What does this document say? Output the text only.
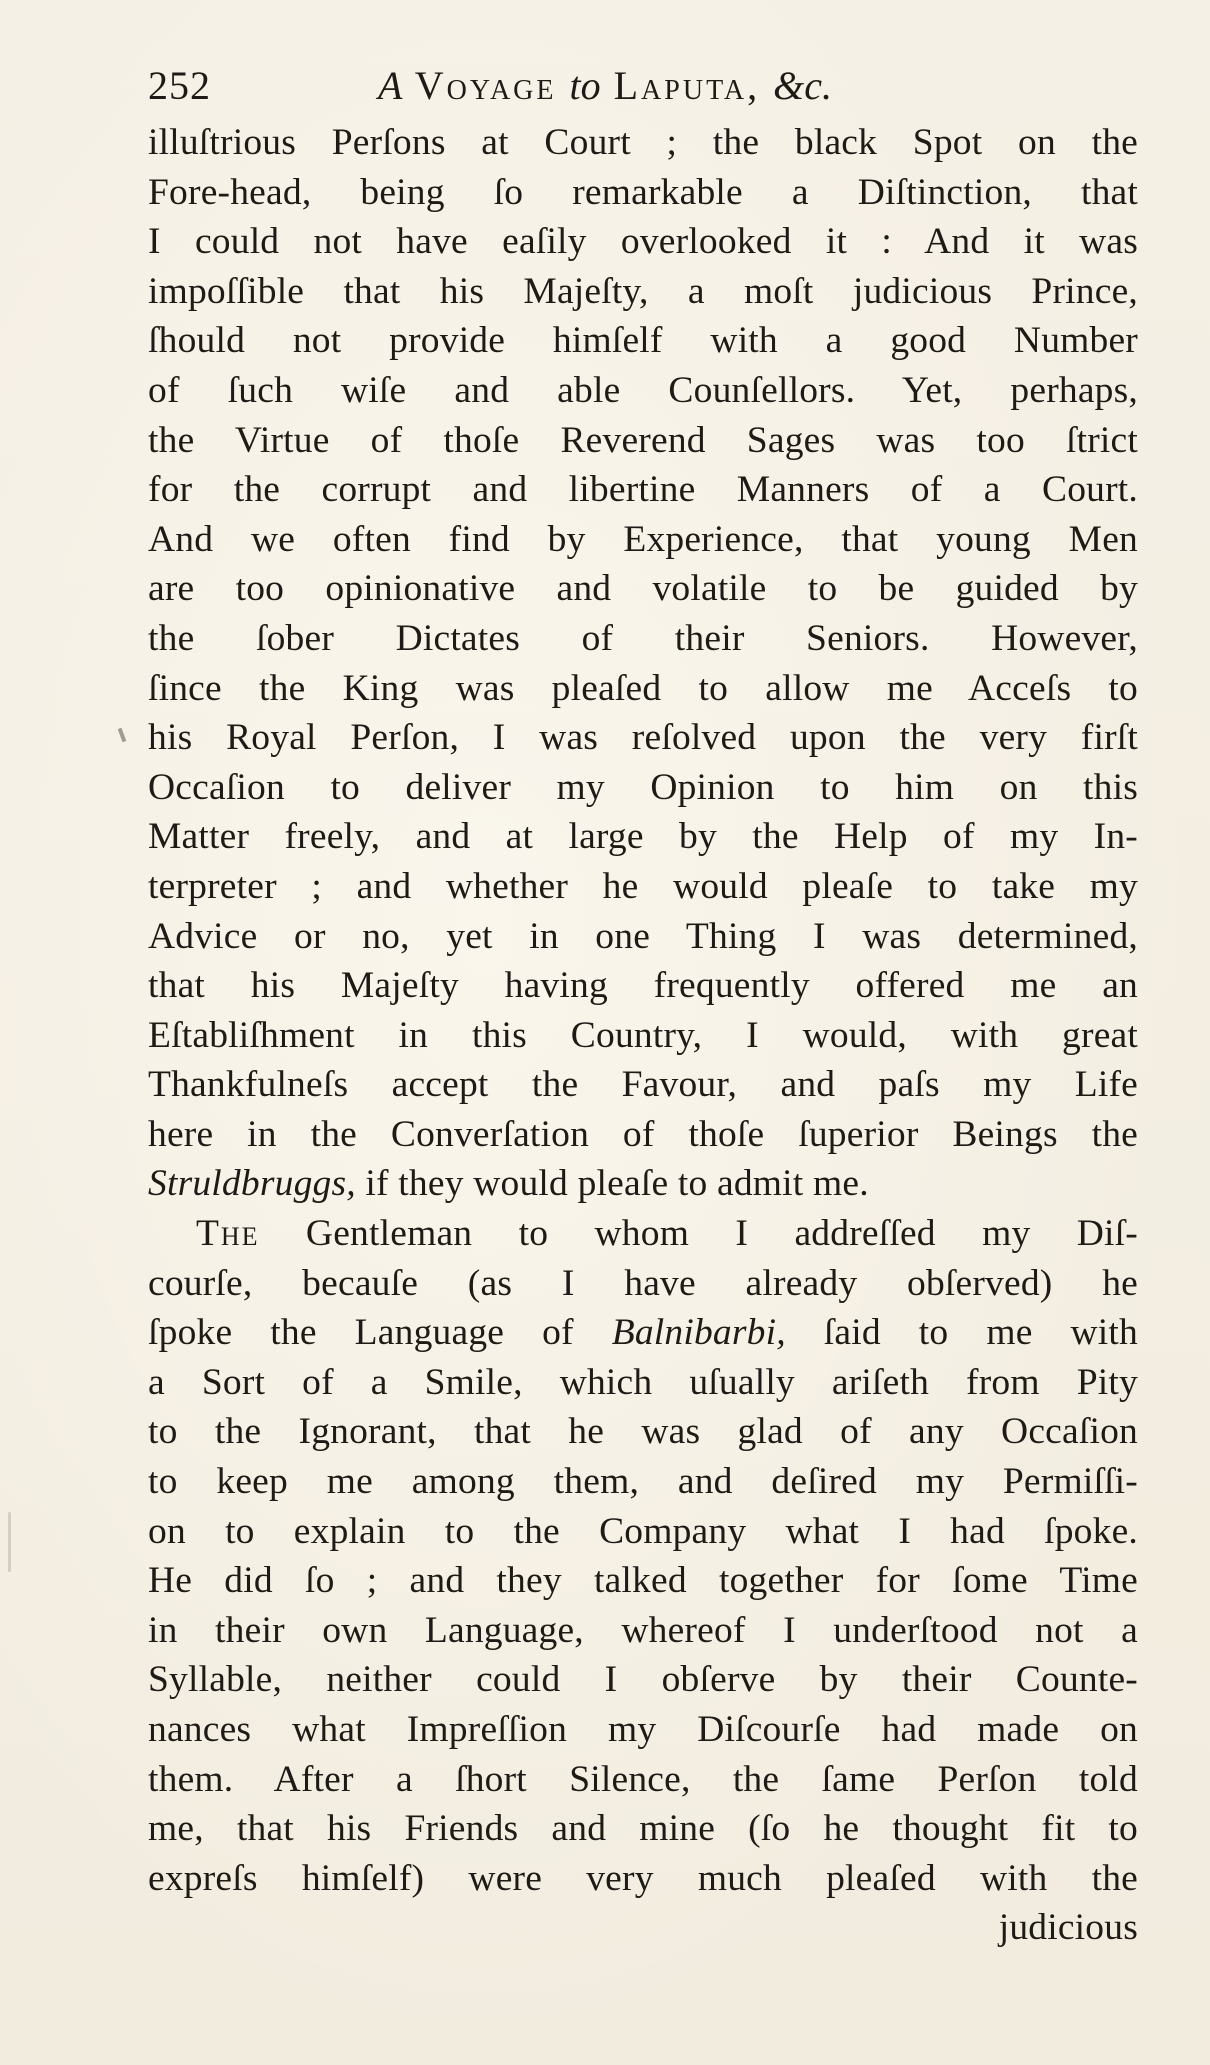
252	A Voyage to Laputa, &c.
illuſtrious Perſons at Court ; the black Spot on the
Fore-head, being ſo remarkable a Diſtinction, that
I could not have eaſily overlooked it : And it was
impoſſible that his Majeſty, a moſt judicious Prince,
ſhould not provide himſelf with a good Number
of ſuch wiſe and able Counſellors. Yet, perhaps,
the Virtue of thoſe Reverend Sages was too ſtrict
for the corrupt and libertine Manners of a Court.
And we often find by Experience, that young Men
are too opinionative and volatile to be guided by
the ſober Dictates of their Seniors. However,
ſince the King was pleaſed to allow me Acceſs to
his Royal Perſon, I was reſolved upon the very firſt
Occaſion to deliver my Opinion to him on this
Matter freely, and at large by the Help of my In-
terpreter ; and whether he would pleaſe to take my
Advice or no, yet in one Thing I was determined,
that his Majeſty having frequently offered me an
Eſtabliſhment in this Country, I would, with great
Thankfulneſs accept the Favour, and paſs my Life
here in the Converſation of thoſe ſuperior Beings the
Struldbruggs, if they would pleaſe to admit me.
The Gentleman to whom I addreſſed my Diſ-
courſe, becauſe (as I have already obſerved) he
ſpoke the Language of Balnibarbi, ſaid to me with
a Sort of a Smile, which uſually ariſeth from Pity
to the Ignorant, that he was glad of any Occaſion
to keep me among them, and deſired my Permiſſi-
on to explain to the Company what I had ſpoke.
He did ſo ; and they talked together for ſome Time
in their own Language, whereof I underſtood not a
Syllable, neither could I obſerve by their Counte-
nances what Impreſſion my Diſcourſe had made on
them. After a ſhort Silence, the ſame Perſon told
me, that his Friends and mine (ſo he thought fit to
expreſs himſelf) were very much pleaſed with the
judicious
